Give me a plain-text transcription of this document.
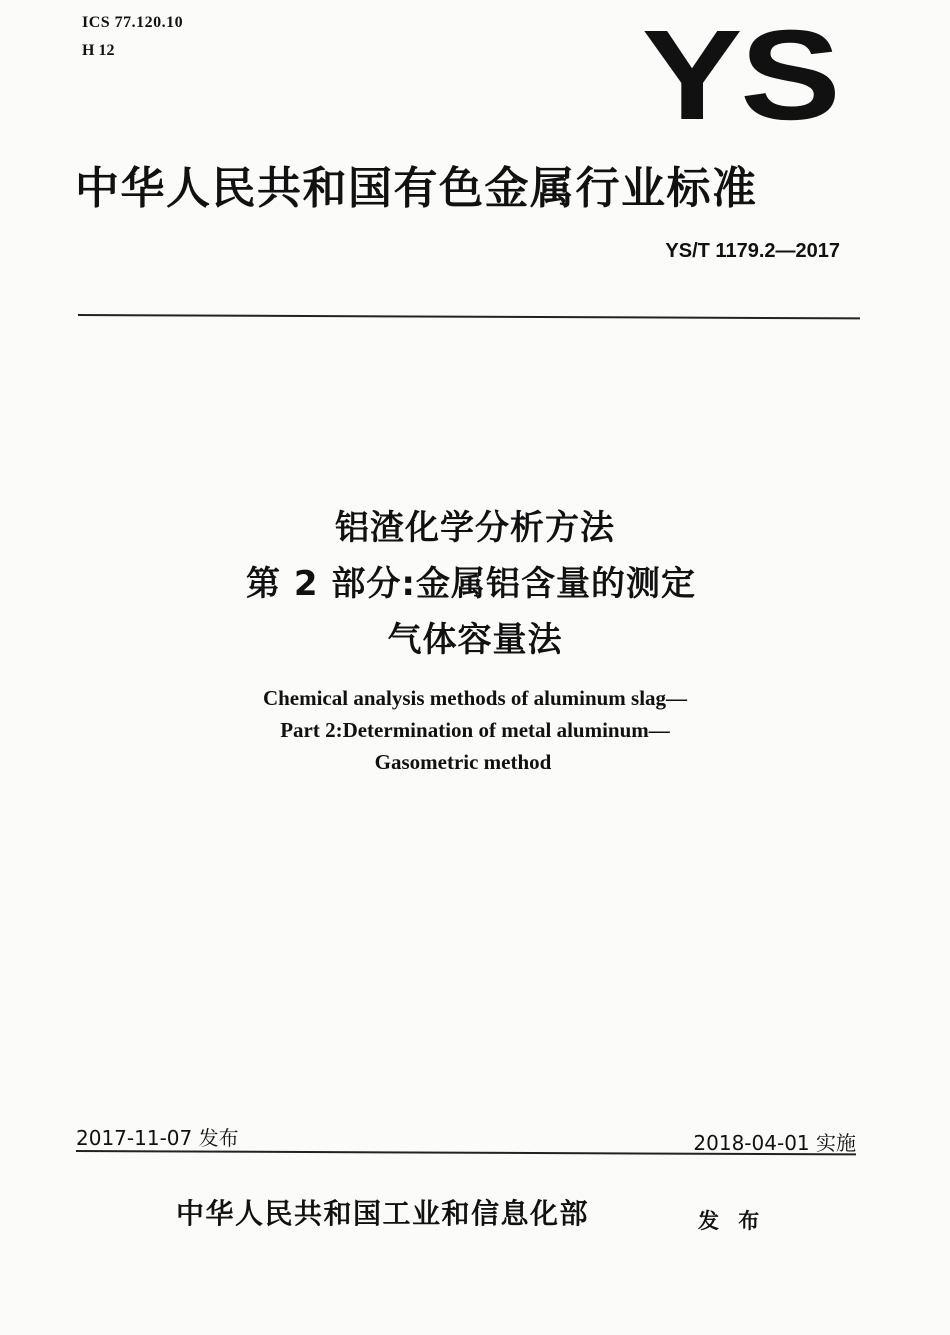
ICS 77.120.10
H 12	YS
中华人民共和国有色金属行业标准
YS/T 1179.2—2017
铝渣化学分析方法
第 2 部分:金属铝含量的测定
气体容量法
Chemical analysis methods of aluminum slag—
Part 2:Determination of metal aluminum—
Gasometric method
2017-11-07 发布	2018-04-01 实施
中华人民共和国工业和信息化部	发 布
